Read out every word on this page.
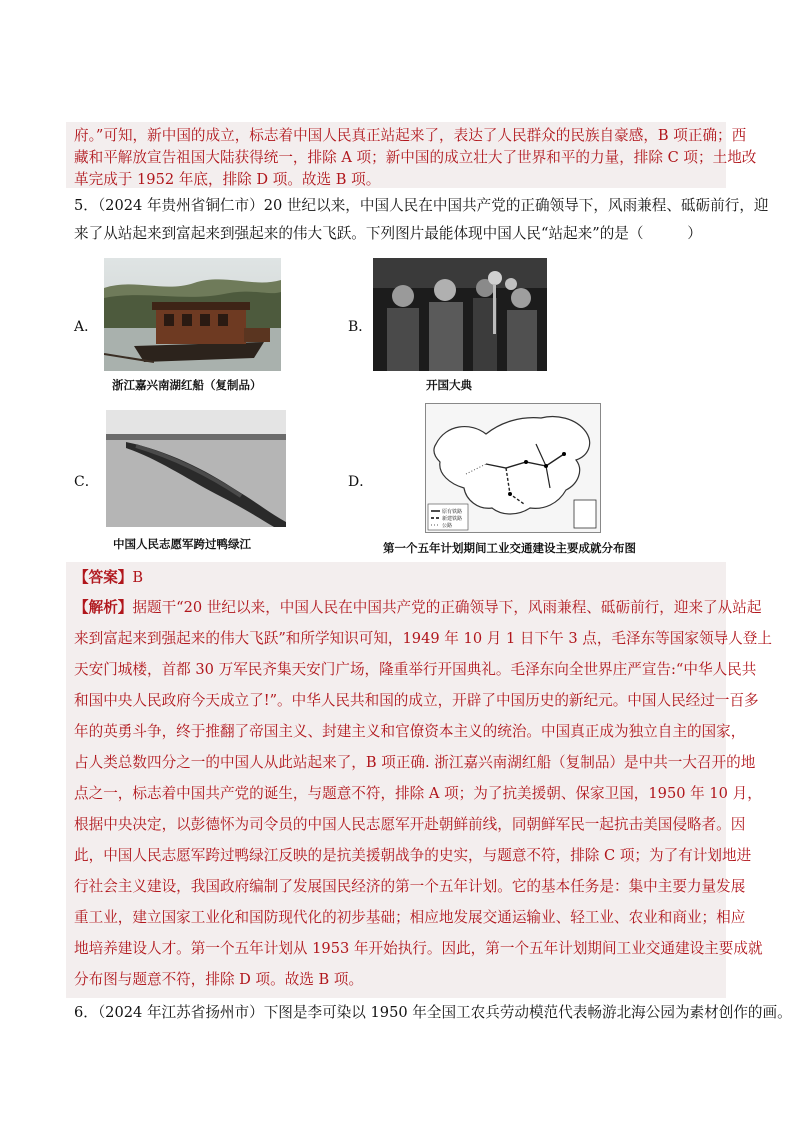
府。”可知，新中国的成立，标志着中国人民真正站起来了，表达了人民群众的民族自豪感，B 项正确；西
藏和平解放宣告祖国大陆获得统一，排除 A 项；新中国的成立壮大了世界和平的力量，排除 C 项；土地改
革完成于 1952 年底，排除 D 项。故选 B 项。
5．（2024 年贵州省铜仁市）20 世纪以来，中国人民在中国共产党的正确领导下，风雨兼程、砥砺前行，迎
来了从站起来到富起来到强起来的伟大飞跃。下列图片最能体现中国人民“站起来”的是（　　　）
A．
浙江嘉兴南湖红船（复制品）
B．
开国大典
C．
中国人民志愿军跨过鸭绿江
D．
原有铁路
新建铁路
公路
第一个五年计划期间工业交通建设主要成就分布图
【答案】B
【解析】据题干“20 世纪以来，中国人民在中国共产党的正确领导下，风雨兼程、砥砺前行，迎来了从站起
来到富起来到强起来的伟大飞跃”和所学知识可知，1949 年 10 月 1 日下午 3 点，毛泽东等国家领导人登上
天安门城楼，首都 30 万军民齐集天安门广场，隆重举行开国典礼。毛泽东向全世界庄严宣告:“中华人民共
和国中央人民政府今天成立了!”。中华人民共和国的成立，开辟了中国历史的新纪元。中国人民经过一百多
年的英勇斗争，终于推翻了帝国主义、封建主义和官僚资本主义的统治。中国真正成为独立自主的国家，
占人类总数四分之一的中国人从此站起来了，B 项正确. 浙江嘉兴南湖红船（复制品）是中共一大召开的地
点之一，标志着中国共产党的诞生，与题意不符，排除 A 项；为了抗美援朝、保家卫国，1950 年 10 月，
根据中央决定，以彭德怀为司令员的中国人民志愿军开赴朝鲜前线，同朝鲜军民一起抗击美国侵略者。因
此，中国人民志愿军跨过鸭绿江反映的是抗美援朝战争的史实，与题意不符，排除 C 项；为了有计划地进
行社会主义建设，我国政府编制了发展国民经济的第一个五年计划。它的基本任务是：集中主要力量发展
重工业，建立国家工业化和国防现代化的初步基础；相应地发展交通运输业、轻工业、农业和商业；相应
地培养建设人才。第一个五年计划从 1953 年开始执行。因此，第一个五年计划期间工业交通建设主要成就
分布图与题意不符，排除 D 项。故选 B 项。
6．（2024 年江苏省扬州市）下图是李可染以 1950 年全国工农兵劳动模范代表畅游北海公园为素材创作的画。
